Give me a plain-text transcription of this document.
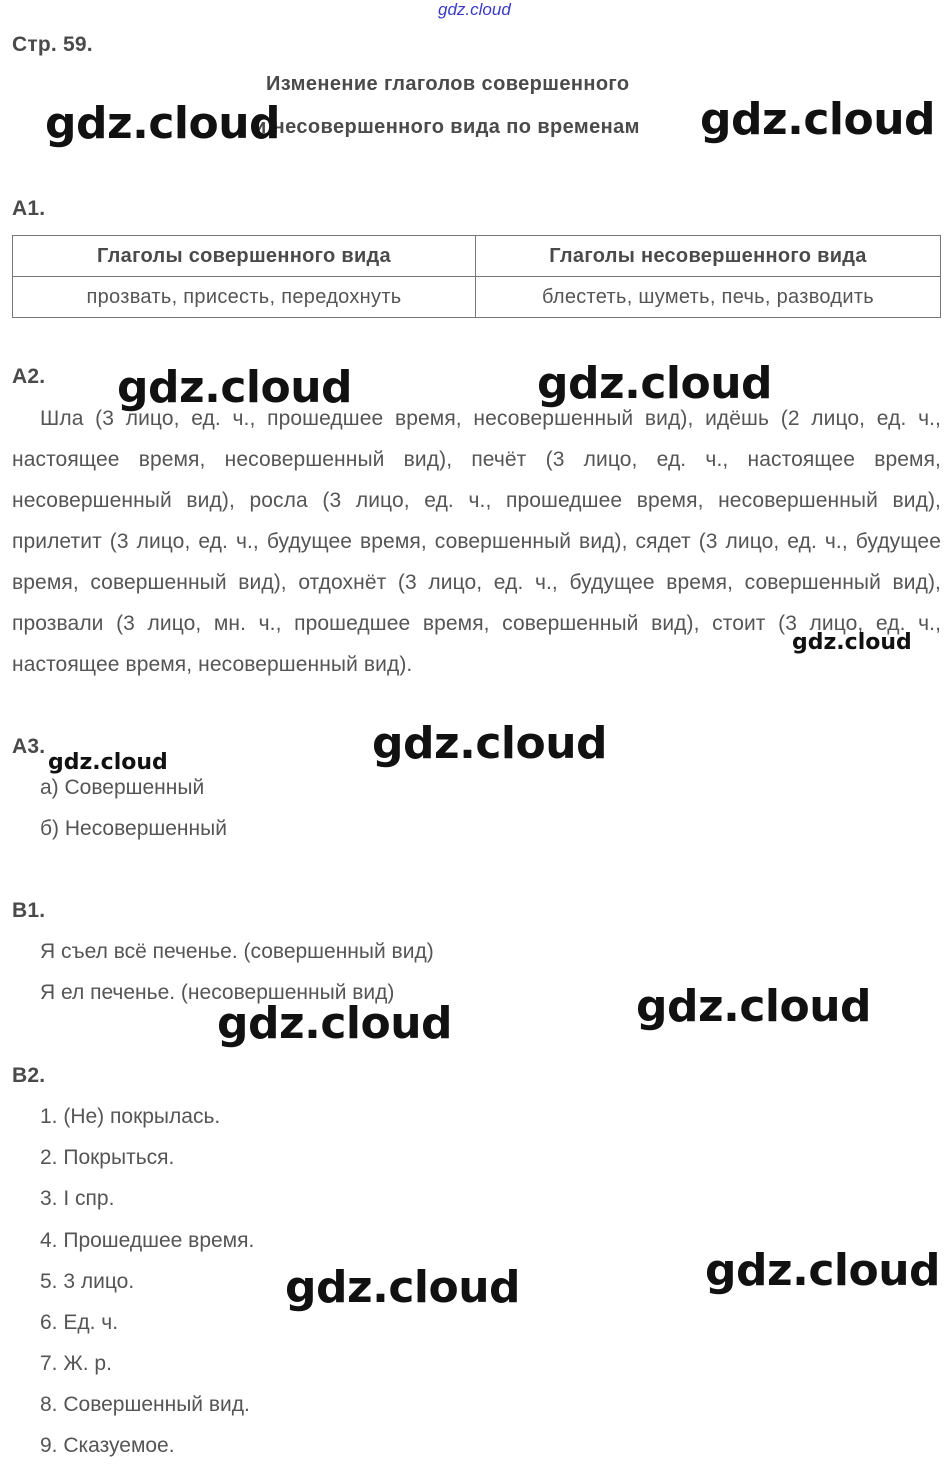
gdz.cloud
Стр. 59.
Изменение глаголов совершенного
и несовершенного вида по временам
А1.
Глаголы совершенного вида	Глаголы несовершенного вида
прозвать, присесть, передохнуть	блестеть, шуметь, печь, разводить
А2.
Шла (3 лицо, ед. ч., прошедшее время, несовершенный вид), идёшь (2 лицо, ед. ч., настоящее время, несовершенный вид), печёт (3 лицо, ед. ч., настоящее время, несовершенный вид), росла (3 лицо, ед. ч., прошедшее время, несовершенный вид), прилетит (3 лицо, ед. ч., будущее время, совершенный вид), сядет (3 лицо, ед. ч., будущее время, совершенный вид), отдохнёт (3 лицо, ед. ч., будущее время, совершенный вид), прозвали (3 лицо, мн. ч., прошедшее время, совершенный вид), стоит (3 лицо, ед. ч., настоящее время, несовершенный вид).
А3.
а) Совершенный
б) Несовершенный
В1.
Я съел всё печенье. (совершенный вид)
Я ел печенье. (несовершенный вид)
В2.
1. (Не) покрылась.
2. Покрыться.
3. I спр.
4. Прошедшее время.
5. 3 лицо.
6. Ед. ч.
7. Ж. р.
8. Совершенный вид.
9. Сказуемое.
gdz.cloud	gdz.cloud
gdz.cloud	gdz.cloud
gdz.cloud
gdz.cloud
gdz.cloud
gdz.cloud
gdz.cloud
gdz.cloud
gdz.cloud
